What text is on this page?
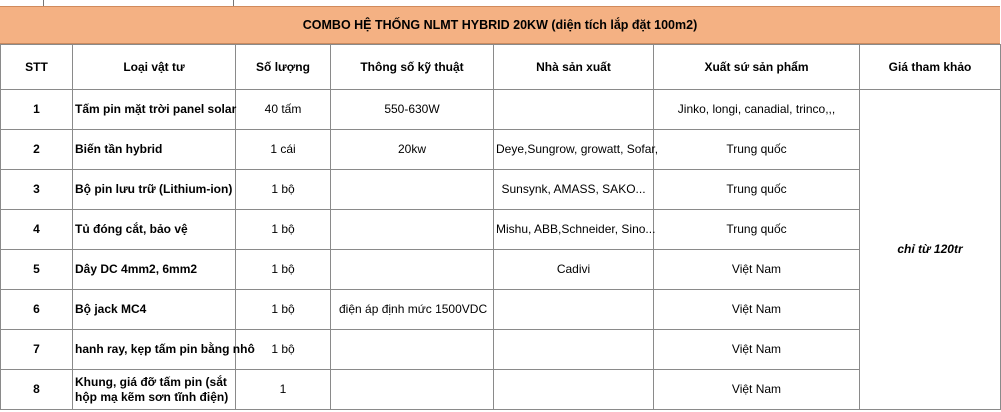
COMBO HỆ THỐNG NLMT HYBRID 20KW (diện tích lắp đặt 100m2)
STT	Loại vật tư	Số lượng	Thông số kỹ thuật	Nhà sản xuất	Xuất sứ sản phẩm	Giá tham khảo
1	Tấm pin mặt trời panel solar	40 tấm	550-630W		Jinko, longi, canadial, trinco,,,	chỉ từ 120tr
2	Biến tần hybrid	1 cái	20kw	Deye,Sungrow, growatt, Sofar,	Trung quốc	
3	Bộ pin lưu trữ (Lithium-ion)	1 bộ		Sunsynk, AMASS, SAKO...	Trung quốc	
4	Tủ đóng cắt, bảo vệ	1 bộ		Mishu, ABB,Schneider, Sino...	Trung quốc	
5	Dây DC 4mm2, 6mm2	1 bộ		Cadivi	Việt Nam	
6	Bộ jack MC4	1 bộ	điện áp định mức 1500VDC		Việt Nam	
7	hanh ray, kẹp tấm pin bằng nhô	1 bộ			Việt Nam	
8	Khung, giá đỡ tấm pin (sắt hộp mạ kẽm sơn tĩnh điện)	1			Việt Nam	
